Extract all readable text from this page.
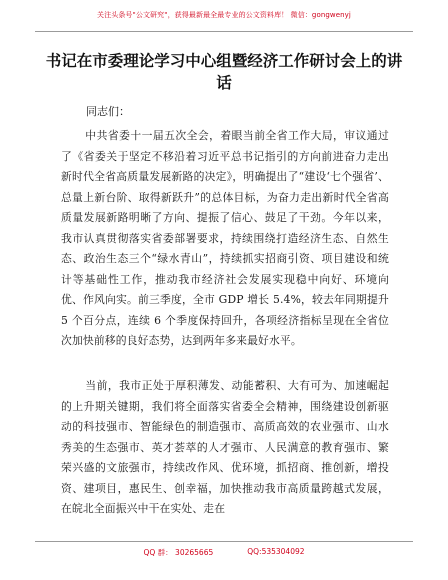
关注头条号"公文研究"，获得最新最全最专业的公文资料库！ 微信：gongwenyj
书记在市委理论学习中心组暨经济工作研讨会上的讲话
同志们：
中共省委十一届五次全会，着眼当前全省工作大局，审议通过了《省委关于坚定不移沿着习近平总书记指引的方向前进奋力走出新时代全省高质量发展新路的决定》，明确提出了“建设‘七个强省’、总量上新台阶、取得新跃升”的总体目标，为奋力走出新时代全省高质量发展新路明晰了方向、提振了信心、鼓足了干劲。今年以来，我市认真贯彻落实省委部署要求，持续围绕打造经济生态、自然生态、政治生态三个“绿水青山”，持续抓实招商引资、项目建设和统计等基础性工作，推动我市经济社会发展实现稳中向好、环境向优、作风向实。前三季度，全市 GDP 增长 5.4%，较去年同期提升 5 个百分点，连续 6 个季度保持回升，各项经济指标呈现在全省位次加快前移的良好态势，达到两年多来最好水平。
当前，我市正处于厚积薄发、动能蓄积、大有可为、加速崛起的上升期关键期，我们将全面落实省委全会精神，围绕建设创新驱动的科技强市、智能绿色的制造强市、高质高效的农业强市、山水秀美的生态强市、英才荟萃的人才强市、人民满意的教育强市、繁荣兴盛的文旅强市，持续改作风、优环境，抓招商、推创新，增投资、建项目，惠民生、创幸福，加快推动我市高质量跨越式发展，在皖北全面振兴中干在实处、走在
QQ 群： 30265665	QQ:535304092
